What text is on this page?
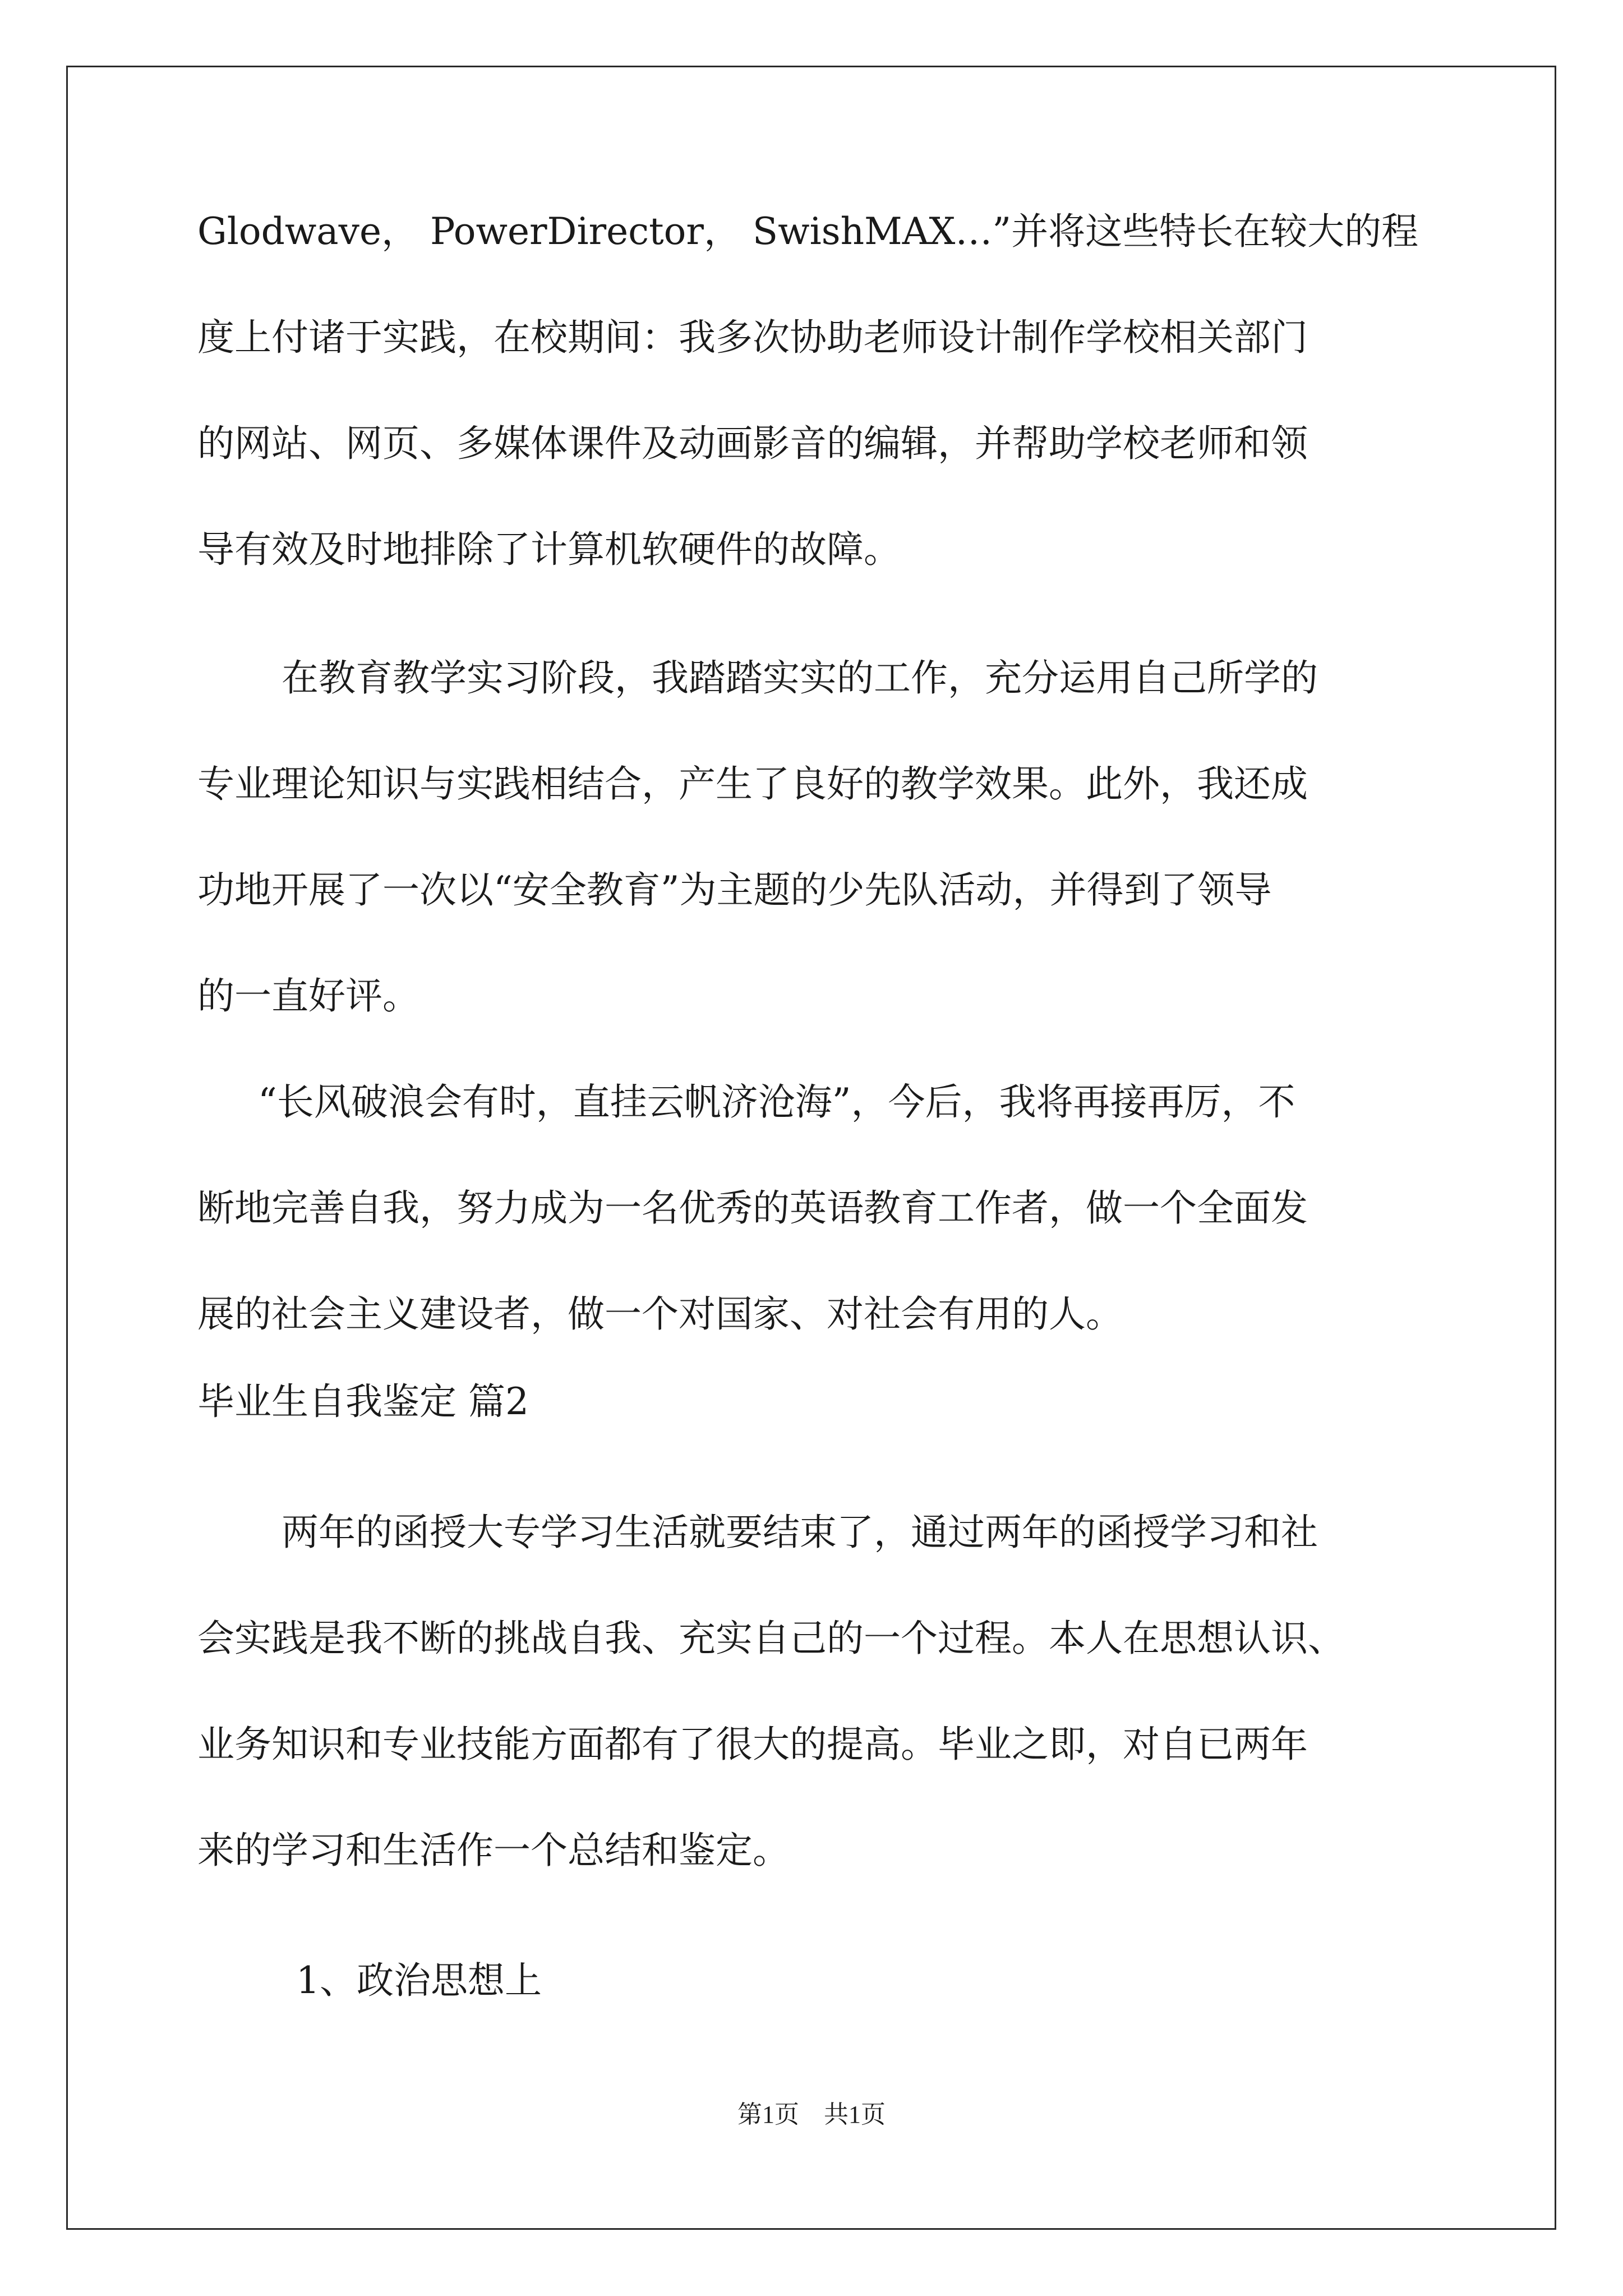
Glodwave， PowerDirector， SwishMAX…”并将这些特长在较大的程
度上付诸于实践，在校期间：我多次协助老师设计制作学校相关部门
的网站、网页、多媒体课件及动画影音的编辑，并帮助学校老师和领
导有效及时地排除了计算机软硬件的故障。
在教育教学实习阶段，我踏踏实实的工作，充分运用自己所学的
专业理论知识与实践相结合，产生了良好的教学效果。此外，我还成
功地开展了一次以“安全教育”为主题的少先队活动，并得到了领导
的一直好评。
“长风破浪会有时，直挂云帆济沧海”，今后，我将再接再厉，不
断地完善自我，努力成为一名优秀的英语教育工作者，做一个全面发
展的社会主义建设者，做一个对国家、对社会有用的人。
毕业生自我鉴定 篇2
两年的函授大专学习生活就要结束了，通过两年的函授学习和社
会实践是我不断的挑战自我、充实自己的一个过程。本人在思想认识、
业务知识和专业技能方面都有了很大的提高。毕业之即，对自已两年
来的学习和生活作一个总结和鉴定。
1、政治思想上
第1页　共1页
